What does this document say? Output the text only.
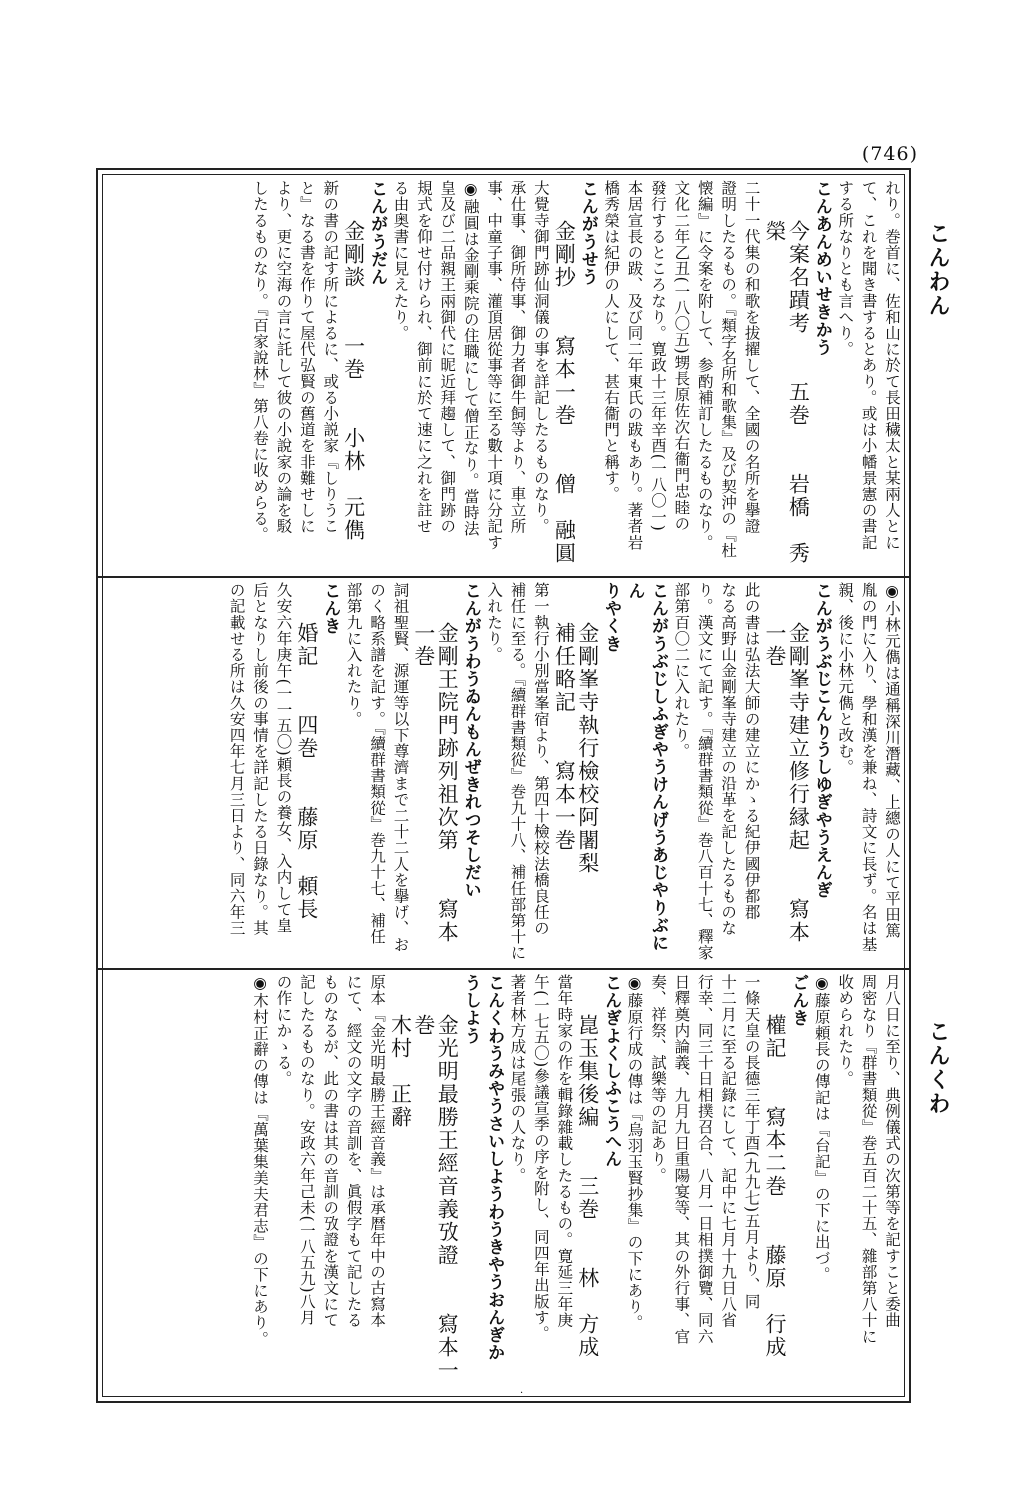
(746)
こんわん
こんくわ

れり。巻首に、佐和山に於て長田穢太と某兩人とに

て、これを聞き書するとあり。或は小幡景憲の書記

する所なりとも言へり。

こんあんめいせきかう

今案名蹟考　　五巻　　岩橋　秀榮

二十一代集の和歌を拔擢して、全國の名所を擧證

證明したるもの。『類字名所和歌集』及び契沖の『杜

懐編』に令案を附して、参酌補訂したるものなり。

文化二年乙丑(一八〇五)甥長原佐次右衞門忠睦の

發行するところなり。寛政十三年辛酉(一八〇一)

本居宣長の跋、及び同二年東氏の跋もあり。著者岩

橋秀榮は紀伊の人にして、甚右衞門と稱す。

こんがうせう

金剛抄　　寫本一巻　　僧　融圓

大覺寺御門跡仙洞儀の事を詳記したるものなり。

承仕事、御所侍事、御力者御牛飼等より、車立所

事、中童子事、灌頂居從事等に至る數十項に分記す

◉融圓は金剛乘院の住職にして僧正なり。當時法

皇及び二品親王兩御代に昵近拜趨して、御門跡の

規式を仰せ付けられ、御前に於て速に之れを註せ

る由奥書に見えたり。

こんがうだん

金剛談　　一巻　　小林　元儁

新の書の記す所によるに、或る小説家『しりうこ

と』なる書を作りて屋代弘賢の舊道を非難せしに

より、更に空海の言に託して彼の小說家の論を駁

したるものなり。『百家說林』第八卷に收めらる。

◉小林元儁は通稱深川潛藏、上總の人にて平田篤

胤の門に入り、學和漢を兼ね、詩文に長ず。名は基

親、後に小林元儁と改む。

こんがうぶじこんりうしゆぎやうえんぎ

金剛峯寺建立修行縁起　　寫本一巻

此の書は弘法大師の建立にかゝる紀伊國伊都郡

なる高野山金剛峯寺建立の沿革を記したるものな

り。漢文にて記す。『續群書類從』巻八百十七、釋家

部第百〇二に入れたり。

こんがうぶじしふぎやうけんげうあじやりぶにん

りやくき

金剛峯寺執行檢校阿闍梨

補任略記　　寫本一巻

第一執行小別當峯宿より、第四十檢校法橋良任の

補任に至る。『續群書類從』巻九十八、補任部第十に

入れたり。

こんがうわうゐんもんぜきれつそしだい

金剛王院門跡列祖次第　　寫本一巻

詞祖聖賢、源運等以下尊濟まで二十二人を擧げ、お

のく略系譜を記す。『續群書類從』巻九十七、補任

部第九に入れたり。

こんき

婚記　　四巻　　藤原　頼長

久安六年庚午(一一五〇)頼長の養女、入内して皇

后となりし前後の事情を詳記したる日錄なり。其

の記載せる所は久安四年七月三日より、同六年三

月八日に至り、典例儀式の次第等を記すこと委曲

周密なり『群書類從』巻五百二十五、雜部第八十に

收められたり。

◉藤原頼長の傳記は『台記』の下に出づ。

ごんき

權記　　寫本二巻　　藤原　行成

一條天皇の長德三年丁酉(九九七)五月より、同

十二月に至る記錄にして、記中に七月十九日八省

行幸、同三十日相撲召合、八月一日相撲御覽、同六

日釋奠内論義、九月九日重陽宴等、其の外行事、官

奏、祥祭、試樂等の記あり。

◉藤原行成の傳は『烏羽玉賢抄集』の下にあり。

こんぎよくしふこうへん

崑玉集後編　　三巻　　林　方成

當年時家の作を輯錄雜載したるもの。寛延三年庚

午(一七五〇)參議宣季の序を附し、同四年出版す。

著者林方成は尾張の人なり。

こんくわうみやうさいしようわうきやうおんぎか

うしよう

金光明最勝王經音義攷證　　寫本一巻

木村　正辭

原本『金光明最勝王經音義』は承暦年中の古寫本

にて、經文の文字の音訓を、眞假字もて記したる

ものなるが、此の書は其の音訓の攷證を漢文にて

記したるものなり。安政六年己未(一八五九)八月

の作にかゝる。

◉木村正辭の傳は『萬葉集美夫君志』の下にあり。

·
